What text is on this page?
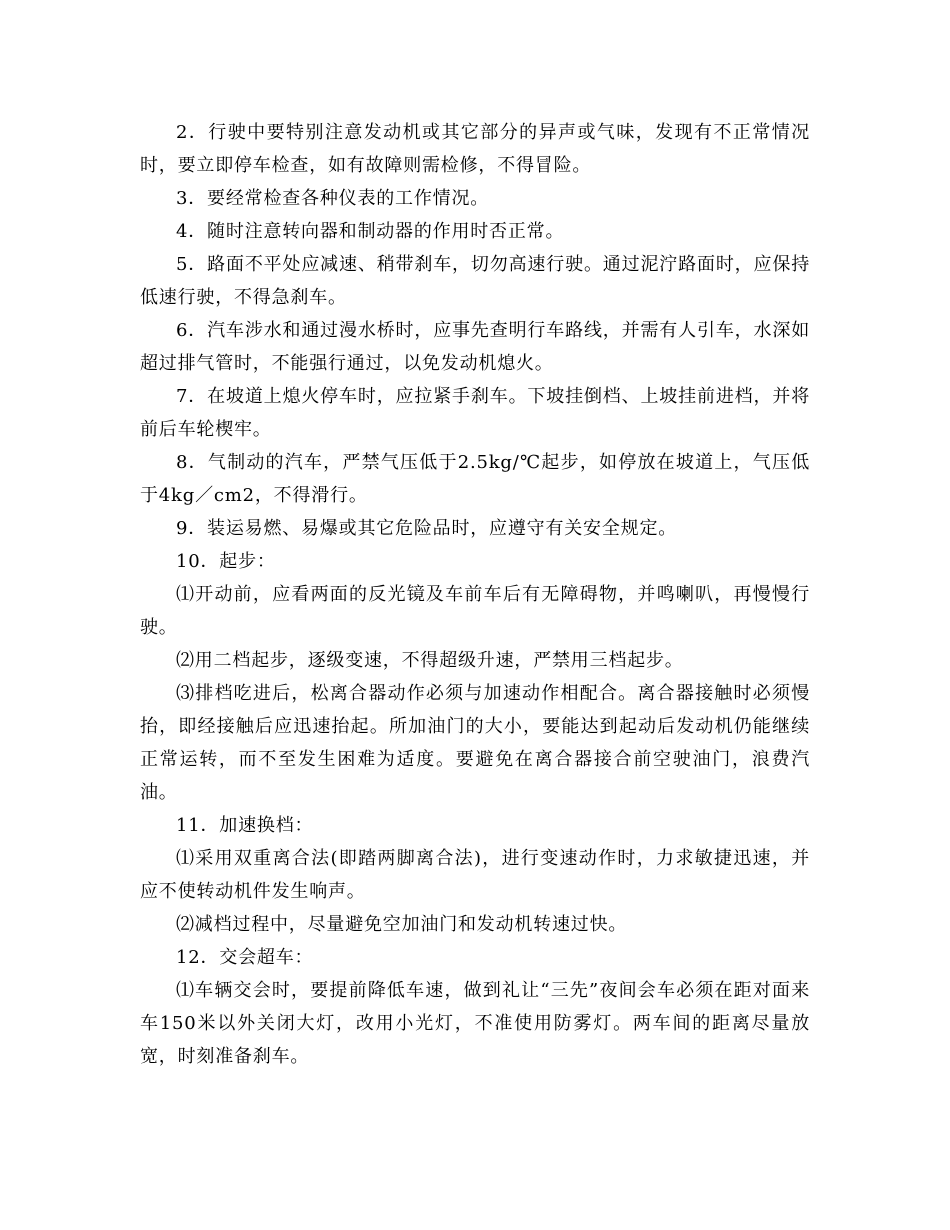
2．行驶中要特别注意发动机或其它部分的异声或气味，发现有不正常情况时，要立即停车检查，如有故障则需检修，不得冒险。

3．要经常检查各种仪表的工作情况。

4．随时注意转向器和制动器的作用时否正常。

5．路面不平处应减速、稍带刹车，切勿高速行驶。通过泥泞路面时，应保持低速行驶，不得急刹车。

6．汽车涉水和通过漫水桥时，应事先查明行车路线，并需有人引车，水深如超过排气管时，不能强行通过，以免发动机熄火。

7．在坡道上熄火停车时，应拉紧手刹车。下坡挂倒档、上坡挂前进档，并将前后车轮楔牢。

8．气制动的汽车，严禁气压低于2.5kg/℃起步，如停放在坡道上，气压低于4kg／cm2，不得滑行。

9．装运易燃、易爆或其它危险品时，应遵守有关安全规定。

10．起步：

⑴开动前，应看两面的反光镜及车前车后有无障碍物，并鸣喇叭，再慢慢行驶。

⑵用二档起步，逐级变速，不得超级升速，严禁用三档起步。

⑶排档吃进后，松离合器动作必须与加速动作相配合。离合器接触时必须慢抬，即经接触后应迅速抬起。所加油门的大小，要能达到起动后发动机仍能继续正常运转，而不至发生困难为适度。要避免在离合器接合前空驶油门，浪费汽油。

11．加速换档：

⑴采用双重离合法(即踏两脚离合法)，进行变速动作时，力求敏捷迅速，并应不使转动机件发生响声。

⑵减档过程中，尽量避免空加油门和发动机转速过快。

12．交会超车：

⑴车辆交会时，要提前降低车速，做到礼让“三先”夜间会车必须在距对面来车150米以外关闭大灯，改用小光灯，不准使用防雾灯。两车间的距离尽量放宽，时刻准备刹车。
